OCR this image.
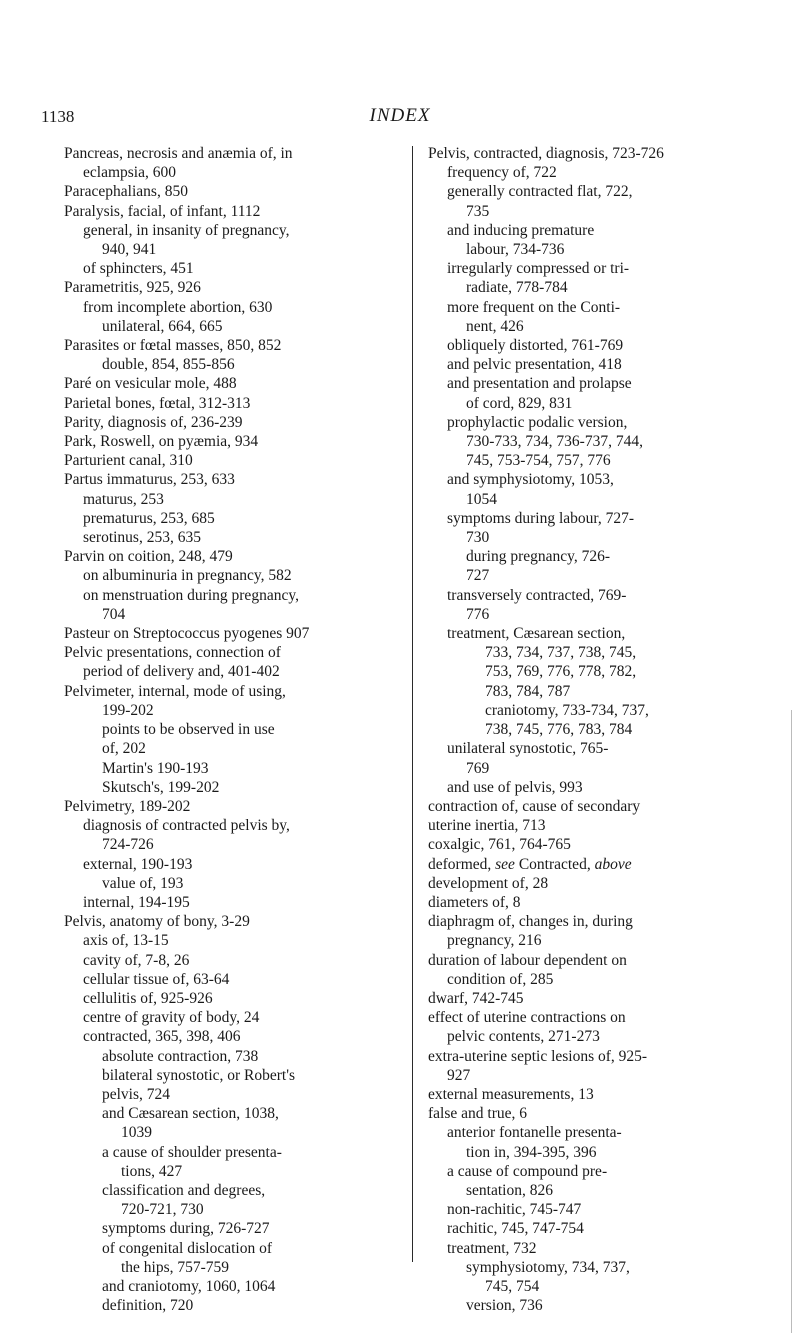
1138	INDEX
Pancreas, necrosis and anæmia of, in
eclampsia, 600
Paracephalians, 850
Paralysis, facial, of infant, 1112
general, in insanity of pregnancy,
940, 941
of sphincters, 451
Parametritis, 925, 926
from incomplete abortion, 630
unilateral, 664, 665
Parasites or fœtal masses, 850, 852
double, 854, 855-856
Paré on vesicular mole, 488
Parietal bones, fœtal, 312-313
Parity, diagnosis of, 236-239
Park, Roswell, on pyæmia, 934
Parturient canal, 310
Partus immaturus, 253, 633
maturus, 253
prematurus, 253, 685
serotinus, 253, 635
Parvin on coition, 248, 479
on albuminuria in pregnancy, 582
on menstruation during pregnancy,
704
Pasteur on Streptococcus pyogenes 907
Pelvic presentations, connection of
period of delivery and, 401-402
Pelvimeter, internal, mode of using,
199-202
points to be observed in use
of, 202
Martin's 190-193
Skutsch's, 199-202
Pelvimetry, 189-202
diagnosis of contracted pelvis by,
724-726
external, 190-193
value of, 193
internal, 194-195
Pelvis, anatomy of bony, 3-29
axis of, 13-15
cavity of, 7-8, 26
cellular tissue of, 63-64
cellulitis of, 925-926
centre of gravity of body, 24
contracted, 365, 398, 406
absolute contraction, 738
bilateral synostotic, or Robert's
pelvis, 724
and Cæsarean section, 1038,
1039
a cause of shoulder presenta-
tions, 427
classification and degrees,
720-721, 730
symptoms during, 726-727
of congenital dislocation of
the hips, 757-759
and craniotomy, 1060, 1064
definition, 720
Pelvis, contracted, diagnosis, 723-726
frequency of, 722
generally contracted flat, 722,
735
and inducing premature
labour, 734-736
irregularly compressed or tri-
radiate, 778-784
more frequent on the Conti-
nent, 426
obliquely distorted, 761-769
and pelvic presentation, 418
and presentation and prolapse
of cord, 829, 831
prophylactic podalic version,
730-733, 734, 736-737, 744,
745, 753-754, 757, 776
and symphysiotomy, 1053,
1054
symptoms during labour, 727-
730
during pregnancy, 726-
727
transversely contracted, 769-
776
treatment, Cæsarean section,
733, 734, 737, 738, 745,
753, 769, 776, 778, 782,
783, 784, 787
craniotomy, 733-734, 737,
738, 745, 776, 783, 784
unilateral synostotic, 765-
769
and use of pelvis, 993
contraction of, cause of secondary
uterine inertia, 713
coxalgic, 761, 764-765
deformed, see Contracted, above
development of, 28
diameters of, 8
diaphragm of, changes in, during
pregnancy, 216
duration of labour dependent on
condition of, 285
dwarf, 742-745
effect of uterine contractions on
pelvic contents, 271-273
extra-uterine septic lesions of, 925-
927
external measurements, 13
false and true, 6
anterior fontanelle presenta-
tion in, 394-395, 396
a cause of compound pre-
sentation, 826
non-rachitic, 745-747
rachitic, 745, 747-754
treatment, 732
symphysiotomy, 734, 737,
745, 754
version, 736
